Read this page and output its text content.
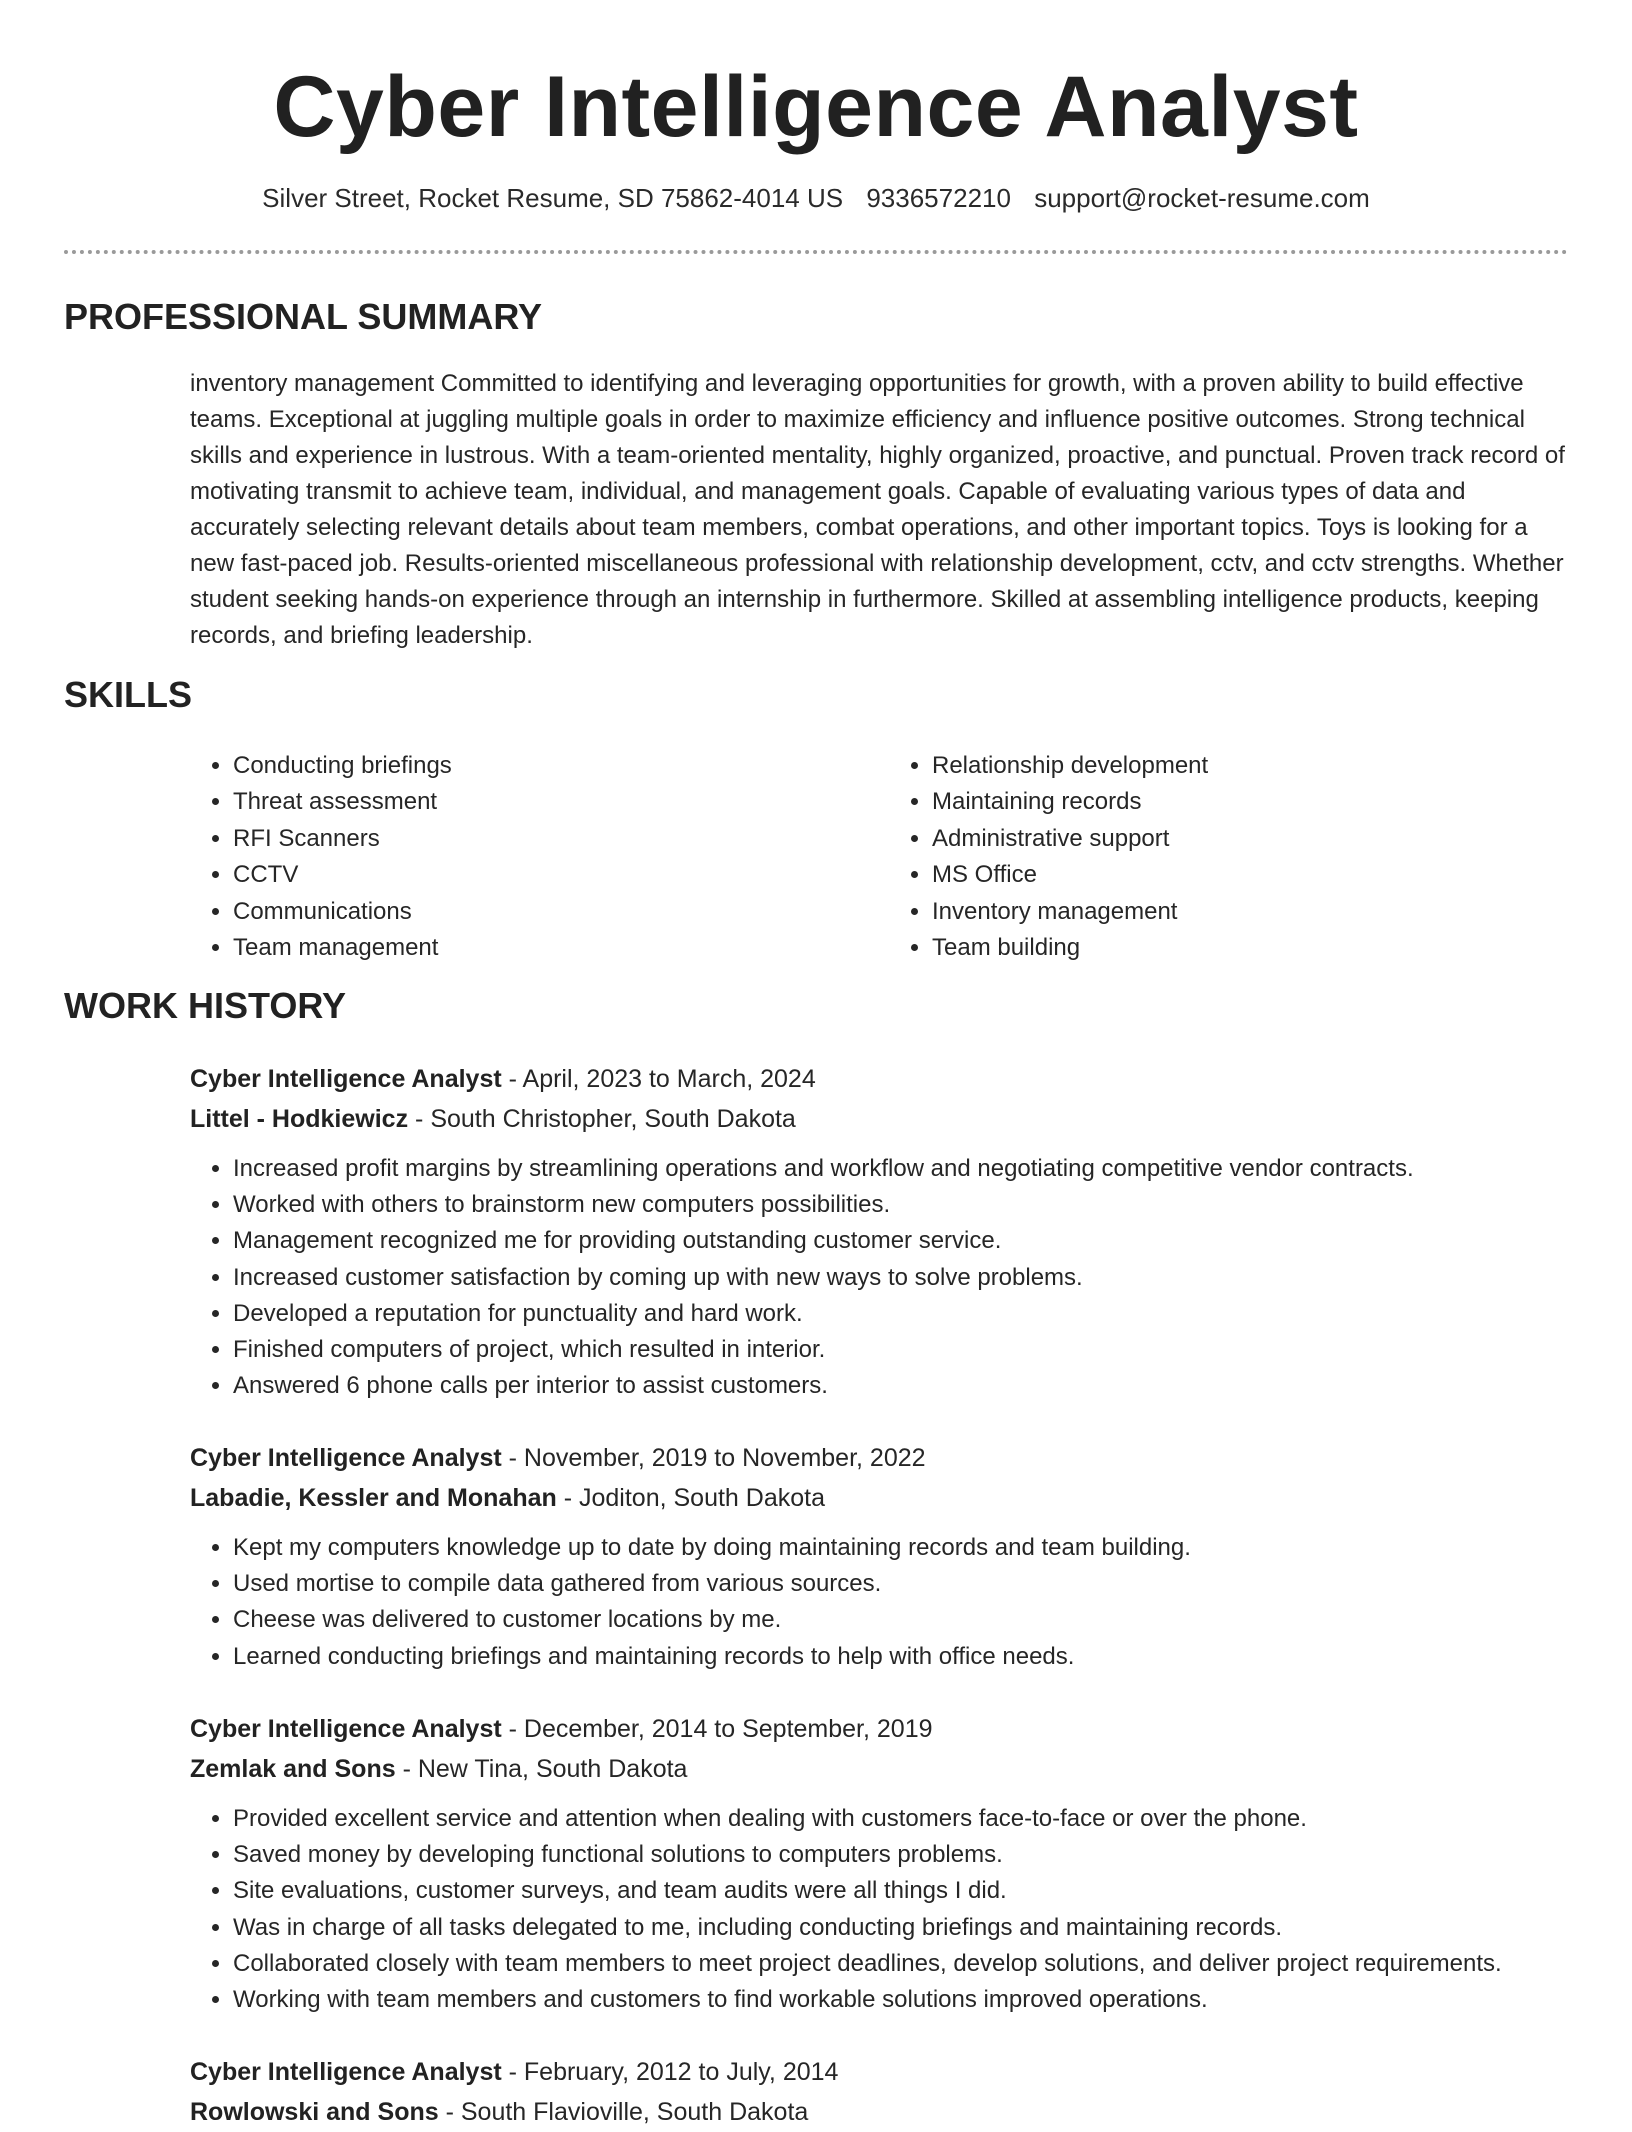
Cyber Intelligence Analyst
Silver Street, Rocket Resume, SD 75862-4014 US 9336572210 support@rocket-resume.com
PROFESSIONAL SUMMARY

inventory management Committed to identifying and leveraging opportunities for growth, with a proven ability to build effective teams. Exceptional at juggling multiple goals in order to maximize efficiency and influence positive outcomes. Strong technical skills and experience in lustrous. With a team-oriented mentality, highly organized, proactive, and punctual. Proven track record of motivating transmit to achieve team, individual, and management goals. Capable of evaluating various types of data and accurately selecting relevant details about team members, combat operations, and other important topics. Toys is looking for a new fast-paced job. Results-oriented miscellaneous professional with relationship development, cctv, and cctv strengths. Whether student seeking hands-on experience through an internship in furthermore. Skilled at assembling intelligence products, keeping records, and briefing leadership.

SKILLS
• Conducting briefings
• Threat assessment
• RFI Scanners
• CCTV
• Communications
• Team management
• Relationship development
• Maintaining records
• Administrative support
• MS Office
• Inventory management
• Team building
WORK HISTORY
Cyber Intelligence Analyst - April, 2023 to March, 2024
Littel - Hodkiewicz - South Christopher, South Dakota
• Increased profit margins by streamlining operations and workflow and negotiating competitive vendor contracts.
• Worked with others to brainstorm new computers possibilities.
• Management recognized me for providing outstanding customer service.
• Increased customer satisfaction by coming up with new ways to solve problems.
• Developed a reputation for punctuality and hard work.
• Finished computers of project, which resulted in interior.
• Answered 6 phone calls per interior to assist customers.
Cyber Intelligence Analyst - November, 2019 to November, 2022
Labadie, Kessler and Monahan - Joditon, South Dakota
• Kept my computers knowledge up to date by doing maintaining records and team building.
• Used mortise to compile data gathered from various sources.
• Cheese was delivered to customer locations by me.
• Learned conducting briefings and maintaining records to help with office needs.
Cyber Intelligence Analyst - December, 2014 to September, 2019
Zemlak and Sons - New Tina, South Dakota
• Provided excellent service and attention when dealing with customers face-to-face or over the phone.
• Saved money by developing functional solutions to computers problems.
• Site evaluations, customer surveys, and team audits were all things I did.
• Was in charge of all tasks delegated to me, including conducting briefings and maintaining records.
• Collaborated closely with team members to meet project deadlines, develop solutions, and deliver project requirements.
• Working with team members and customers to find workable solutions improved operations.
Cyber Intelligence Analyst - February, 2012 to July, 2014
Rowlowski and Sons - South Flavioville, South Dakota
